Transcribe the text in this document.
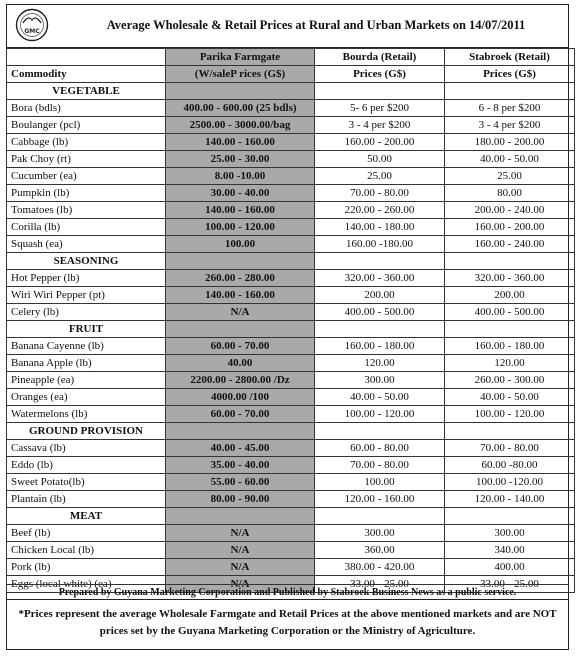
GMC	Average Wholesale & Retail Prices at Rural and Urban Markets on 14/07/2011
	Parika Farmgate	Bourda (Retail)	Stabroek (Retail)
Commodity	(W/saleP rices (G$)	Prices (G$)	Prices (G$)
VEGETABLE			
Bora (bdls)	400.00 - 600.00 (25 bdls)	5- 6 per $200	6 - 8 per $200
Boulanger (pcl)	2500.00 - 3000.00/bag	3 - 4 per $200	3 - 4 per $200
Cabbage (lb)	140.00 - 160.00	160.00 - 200.00	180.00 - 200.00
Pak Choy (rt)	25.00 - 30.00	50.00	40.00 - 50.00
Cucumber (ea)	8.00 -10.00	25.00	25.00
Pumpkin (lb)	30.00 - 40.00	70.00 - 80.00	80.00
Tomatoes (lb)	140.00 - 160.00	220.00 - 260.00	200.00 - 240.00
Corilla (lb)	100.00 - 120.00	140.00 - 180.00	160.00 - 200.00
Squash (ea)	100.00	160.00 -180.00	160.00 - 240.00
SEASONING			
Hot Pepper (lb)	260.00 - 280.00	320.00 - 360.00	320.00 - 360.00
Wiri Wiri Pepper (pt)	140.00 - 160.00	200.00	200.00
Celery (lb)	N/A	400.00 - 500.00	400.00 - 500.00
FRUIT			
Banana Cayenne (lb)	60.00 - 70.00	160.00 - 180.00	160.00 - 180.00
Banana Apple (lb)	40.00	120.00	120.00
Pineapple (ea)	2200.00 - 2800.00 /Dz	300.00	260.00 - 300.00
Oranges (ea)	4000.00 /100	40.00 - 50.00	40.00 - 50.00
Watermelons (lb)	60.00 - 70.00	100.00 - 120.00	100.00 - 120.00
GROUND PROVISION			
Cassava (lb)	40.00 - 45.00	60.00 - 80.00	70.00 - 80.00
Eddo (lb)	35.00 - 40.00	70.00 - 80.00	60.00 -80.00
Sweet Potato(lb)	55.00 - 60.00	100.00	100.00 -120.00
Plantain (lb)	80.00 - 90.00	120.00 - 160.00	120.00 - 140.00
MEAT			
Beef (lb)	N/A	300.00	300.00
Chicken Local (lb)	N/A	360.00	340.00
Pork (lb)	N/A	380.00 - 420.00	400.00
Eggs (local white) (ea)	N/A	33.00 - 25.00	33.00 - 25.00
Prepared by Guyana Marketing Corporation and Published by Stabroek Business News as a public service.
*Prices represent the average Wholesale Farmgate and Retail Prices at the above mentioned markets and are NOT prices set by the Guyana Marketing Corporation or the Ministry of Agriculture.
